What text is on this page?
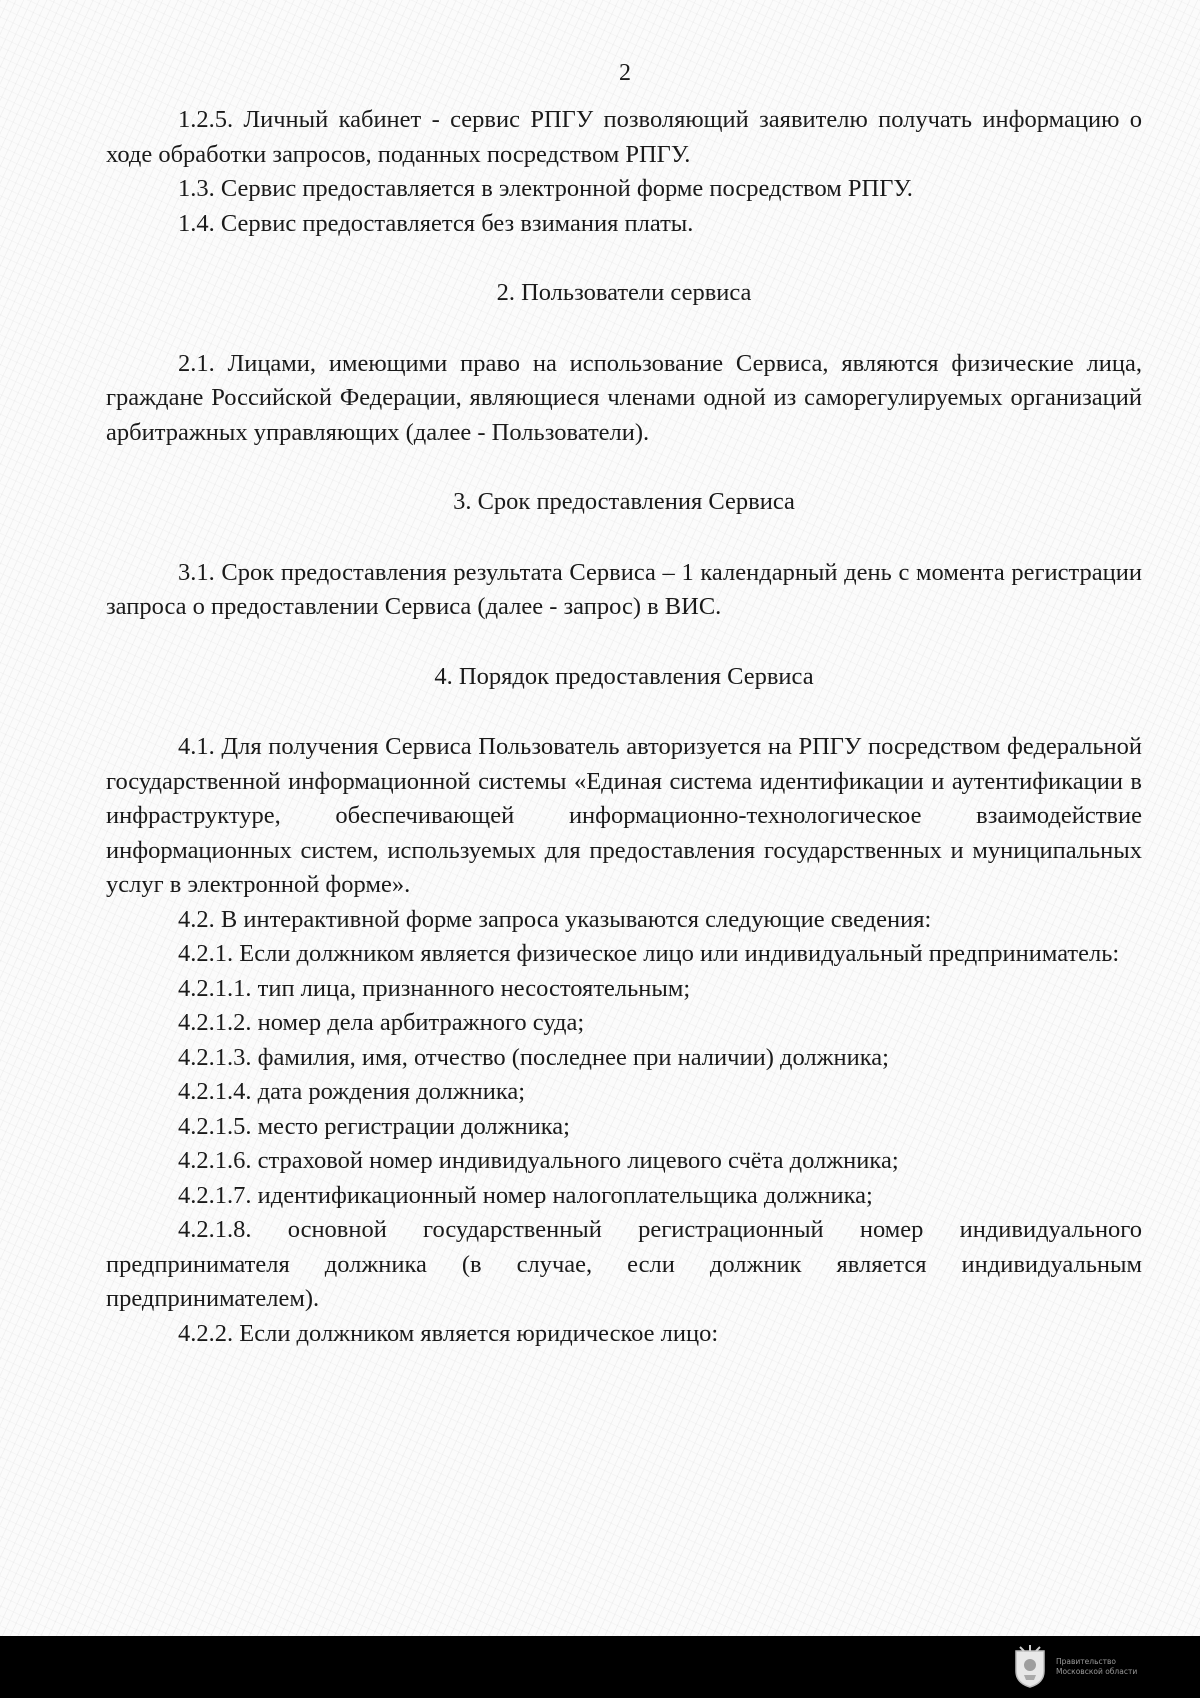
2

1.2.5. Личный кабинет - сервис РПГУ позволяющий заявителю получать информацию о ходе обработки запросов, поданных посредством РПГУ.

1.3. Сервис предоставляется в электронной форме посредством РПГУ.

1.4. Сервис предоставляется без взимания платы.

2. Пользователи сервиса

2.1. Лицами, имеющими право на использование Сервиса, являются физические лица, граждане Российской Федерации, являющиеся членами одной из саморегулируемых организаций арбитражных управляющих (далее - Пользователи).

3. Срок предоставления Сервиса

3.1. Срок предоставления результата Сервиса – 1 календарный день с момента регистрации запроса о предоставлении Сервиса (далее - запрос) в ВИС.

4. Порядок предоставления Сервиса

4.1. Для получения Сервиса Пользователь авторизуется на РПГУ посредством федеральной государственной информационной системы «Единая система идентификации и аутентификации в инфраструктуре, обеспечивающей информационно-технологическое взаимодействие информационных систем, используемых для предоставления государственных и муниципальных услуг в электронной форме».

4.2. В интерактивной форме запроса указываются следующие сведения:

4.2.1. Если должником является физическое лицо или индивидуальный предприниматель:

4.2.1.1. тип лица, признанного несостоятельным;

4.2.1.2. номер дела арбитражного суда;

4.2.1.3. фамилия, имя, отчество (последнее при наличии) должника;

4.2.1.4. дата рождения должника;

4.2.1.5. место регистрации должника;

4.2.1.6. страховой номер индивидуального лицевого счёта должника;

4.2.1.7. идентификационный номер налогоплательщика должника;

4.2.1.8. основной государственный регистрационный номер индивидуального предпринимателя должника (в случае, если должник является индивидуальным предпринимателем).

4.2.2. Если должником является юридическое лицо:

Правительство
Московской области
